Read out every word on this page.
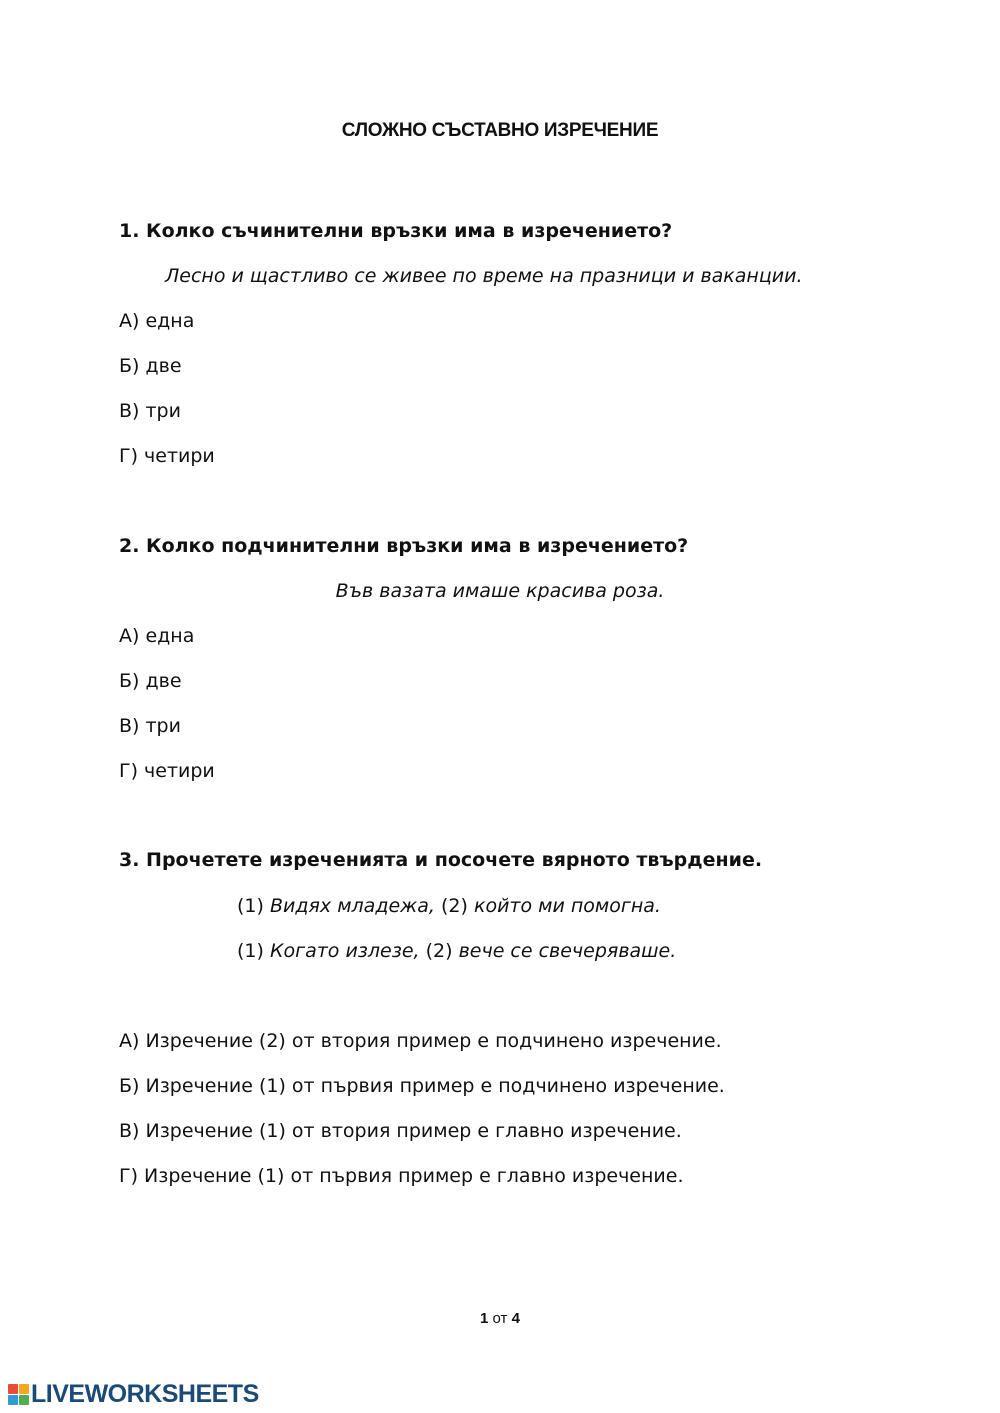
СЛОЖНО СЪСТАВНО ИЗРЕЧЕНИЕ
1. Колко съчинителни връзки има в изречението?
Лесно и щастливо се живее по време на празници и ваканции.
А) една
Б) две
В) три
Г) четири
2. Колко подчинителни връзки има в изречението?
Във вазата имаше красива роза.
А) една
Б) две
В) три
Г) четири
3. Прочетете изреченията и посочете вярното твърдение.
(1) Видях младежа, (2) който ми помогна.
(1) Когато излезе, (2) вече се свечеряваше.
А) Изречение (2) от втория пример е подчинено изречение.
Б) Изречение (1) от първия пример е подчинено изречение.
В) Изречение (1) от втория пример е главно изречение.
Г) Изречение (1) от първия пример е главно изречение.
1 от 4
LIVEWORKSHEETS
